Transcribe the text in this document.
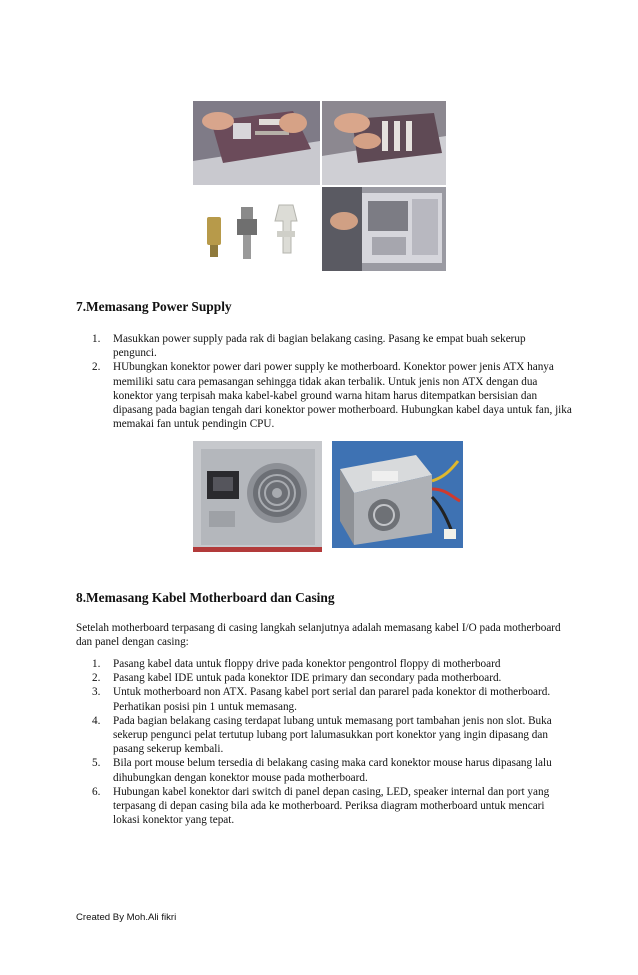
7.Memasang Power Supply
1. Masukkan power supply pada rak di bagian belakang casing. Pasang ke empat buah sekerup pengunci.
2. HUbungkan konektor power dari power supply ke motherboard. Konektor power jenis ATX hanya memiliki satu cara pemasangan sehingga tidak akan terbalik. Untuk jenis non ATX dengan dua konektor yang terpisah maka kabel-kabel ground warna hitam harus ditempatkan bersisian dan dipasang pada bagian tengah dari konektor power motherboard. Hubungkan kabel daya untuk fan, jika memakai fan untuk pendingin CPU.
8.Memasang Kabel Motherboard dan Casing

Setelah motherboard terpasang di casing langkah selanjutnya adalah memasang kabel I/O pada motherboard dan panel dengan casing:

1. Pasang kabel data untuk floppy drive pada konektor pengontrol floppy di motherboard
2. Pasang kabel IDE untuk pada konektor IDE primary dan secondary pada motherboard.
3. Untuk motherboard non ATX. Pasang kabel port serial dan pararel pada konektor di motherboard. Perhatikan posisi pin 1 untuk memasang.
4. Pada bagian belakang casing terdapat lubang untuk memasang port tambahan jenis non slot. Buka sekerup pengunci pelat tertutup lubang port lalumasukkan port konektor yang ingin dipasang dan pasang sekerup kembali.
5. Bila port mouse belum tersedia di belakang casing maka card konektor mouse harus dipasang lalu dihubungkan dengan konektor mouse pada motherboard.
6. Hubungan kabel konektor dari switch di panel depan casing, LED, speaker internal dan port yang terpasang di depan casing bila ada ke motherboard. Periksa diagram motherboard untuk mencari lokasi konektor yang tepat.
Created By Moh.Ali fikri
